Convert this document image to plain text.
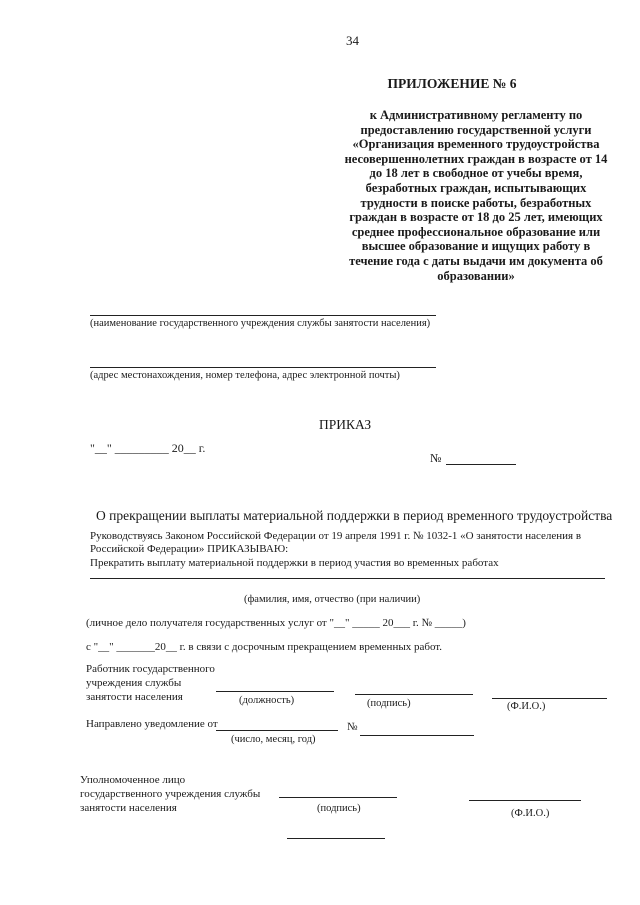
34
ПРИЛОЖЕНИЕ № 6
к Административному регламенту по
предоставлению государственной услуги
«Организация временного трудоустройства
несовершеннолетних граждан в возрасте от 14
до 18 лет в свободное от учебы время,
безработных граждан, испытывающих
трудности в поиске работы, безработных
граждан в возрасте от 18 до 25 лет, имеющих
среднее профессиональное образование или
высшее образование и ищущих работу в
течение года с даты выдачи им документа об
образовании»
(наименование государственного учреждения службы занятости населения)
(адрес местонахождения, номер телефона, адрес электронной почты)
ПРИКАЗ
"__" _________ 20__ г.
№
О прекращении выплаты материальной поддержки в период временного трудоустройства
Руководствуясь Законом Российской Федерации от 19 апреля 1991 г. № 1032-1 «О занятости населения в
Российской Федерации» ПРИКАЗЫВАЮ:
Прекратить выплату материальной поддержки в период участия во временных работах
(фамилия, имя, отчество (при наличии)
(личное дело получателя государственных услуг от "__" _____ 20___ г. № _____)
с "__" _______20__ г. в связи с досрочным прекращением временных работ.
Работник государственного
учреждения службы
занятости населения	(должность)	(подпись)	(Ф.И.О.)
Направлено уведомление от	№
(число, месяц, год)
Уполномоченное лицо
государственного учреждения службы
занятости населения	(подпись)	(Ф.И.О.)
